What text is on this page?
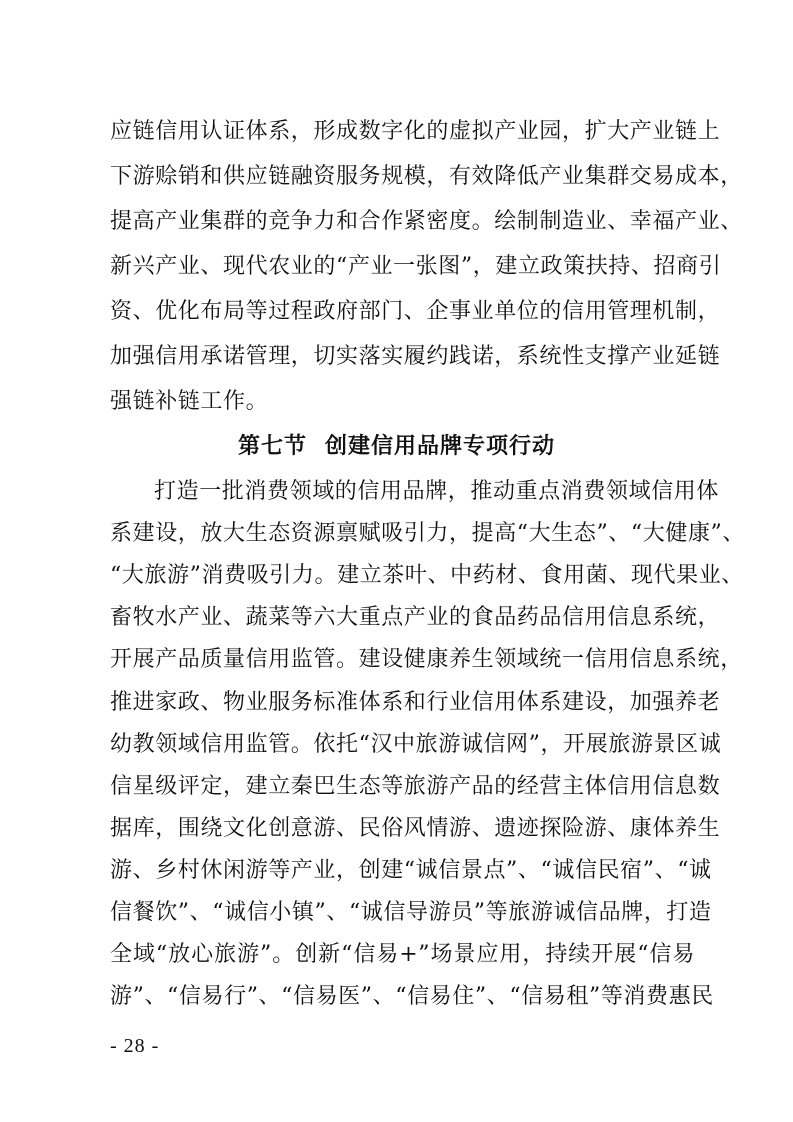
应链信用认证体系，形成数字化的虚拟产业园，扩大产业链上
下游赊销和供应链融资服务规模，有效降低产业集群交易成本，
提高产业集群的竞争力和合作紧密度。绘制制造业、幸福产业、
新兴产业、现代农业的“产业一张图”，建立政策扶持、招商引
资、优化布局等过程政府部门、企事业单位的信用管理机制，
加强信用承诺管理，切实落实履约践诺，系统性支撑产业延链
强链补链工作。
第七节 创建信用品牌专项行动
打造一批消费领域的信用品牌，推动重点消费领域信用体
系建设，放大生态资源禀赋吸引力，提高“大生态”、“大健康”、
“大旅游”消费吸引力。建立茶叶、中药材、食用菌、现代果业、
畜牧水产业、蔬菜等六大重点产业的食品药品信用信息系统，
开展产品质量信用监管。建设健康养生领域统一信用信息系统，
推进家政、物业服务标准体系和行业信用体系建设，加强养老
幼教领域信用监管。依托“汉中旅游诚信网”，开展旅游景区诚
信星级评定，建立秦巴生态等旅游产品的经营主体信用信息数
据库，围绕文化创意游、民俗风情游、遗迹探险游、康体养生
游、乡村休闲游等产业，创建“诚信景点”、“诚信民宿”、“诚
信餐饮”、“诚信小镇”、“诚信导游员”等旅游诚信品牌，打造
全域“放心旅游”。创新“信易+”场景应用，持续开展“信易
游”、“信易行”、“信易医”、“信易住”、“信易租”等消费惠民
- 28 -
